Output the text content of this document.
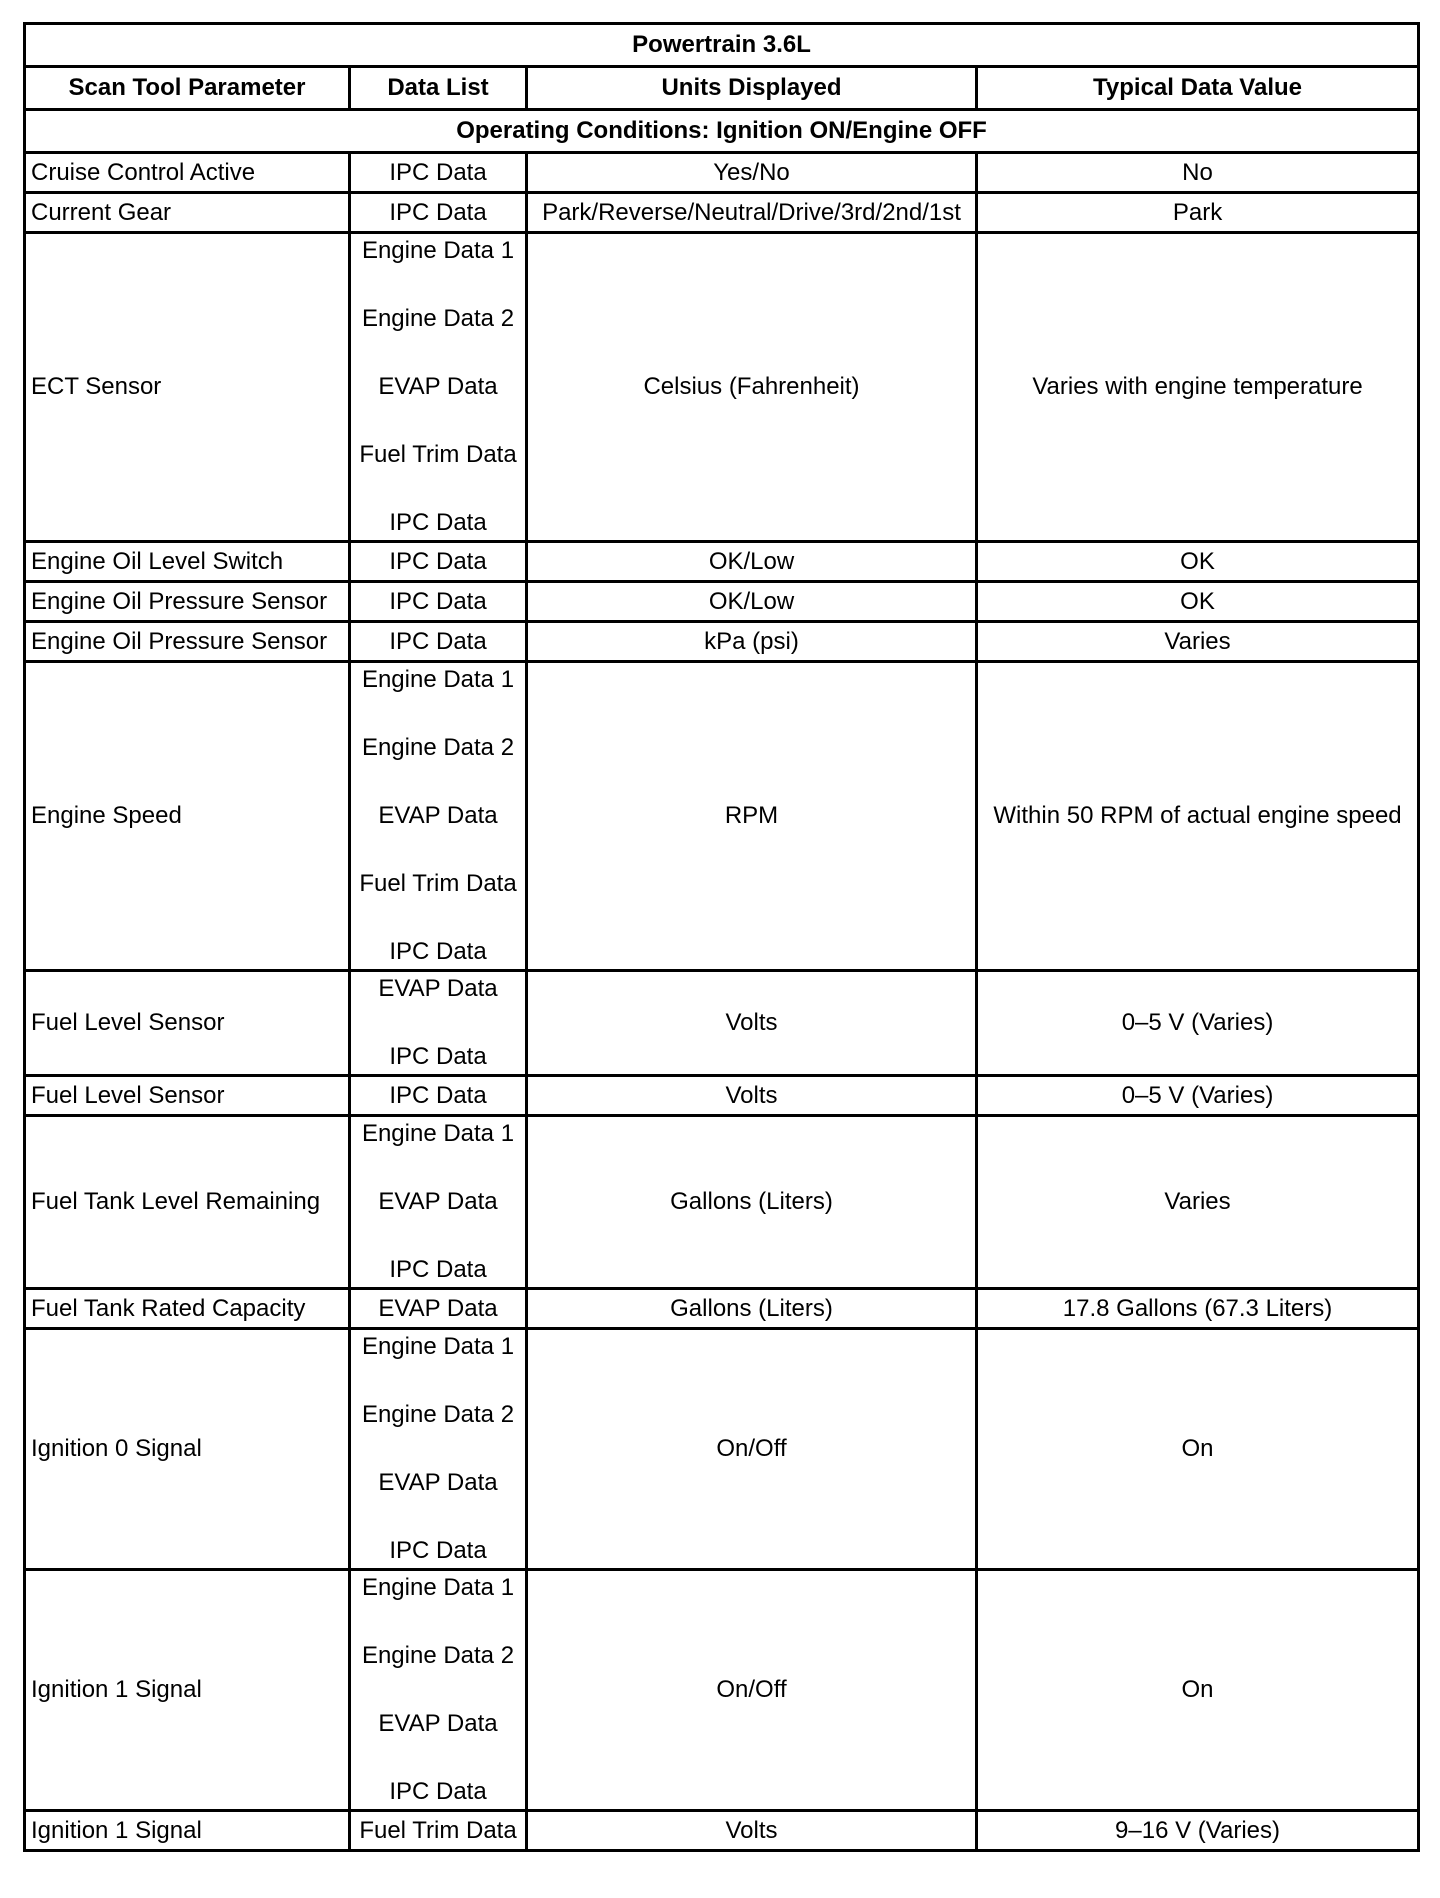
Powertrain 3.6L			
Scan Tool Parameter	Data List	Units Displayed	Typical Data Value
Operating Conditions: Ignition ON/Engine OFF			
Cruise Control Active	IPC Data	Yes/No	No
Current Gear	IPC Data	Park/Reverse/Neutral/Drive/3rd/2nd/1st	Park
ECT Sensor	Engine Data 1
Engine Data 2
EVAP Data
Fuel Trim Data
IPC Data	Celsius (Fahrenheit)	Varies with engine temperature
Engine Oil Level Switch	IPC Data	OK/Low	OK
Engine Oil Pressure Sensor	IPC Data	OK/Low	OK
Engine Oil Pressure Sensor	IPC Data	kPa (psi)	Varies
Engine Speed	Engine Data 1
Engine Data 2
EVAP Data
Fuel Trim Data
IPC Data	RPM	Within 50 RPM of actual engine speed
Fuel Level Sensor	EVAP Data
IPC Data	Volts	0–5 V (Varies)
Fuel Level Sensor	IPC Data	Volts	0–5 V (Varies)
Fuel Tank Level Remaining	Engine Data 1
EVAP Data
IPC Data	Gallons (Liters)	Varies
Fuel Tank Rated Capacity	EVAP Data	Gallons (Liters)	17.8 Gallons (67.3 Liters)
Ignition 0 Signal	Engine Data 1
Engine Data 2
EVAP Data
IPC Data	On/Off	On
Ignition 1 Signal	Engine Data 1
Engine Data 2
EVAP Data
IPC Data	On/Off	On
Ignition 1 Signal	Fuel Trim Data	Volts	9–16 V (Varies)
